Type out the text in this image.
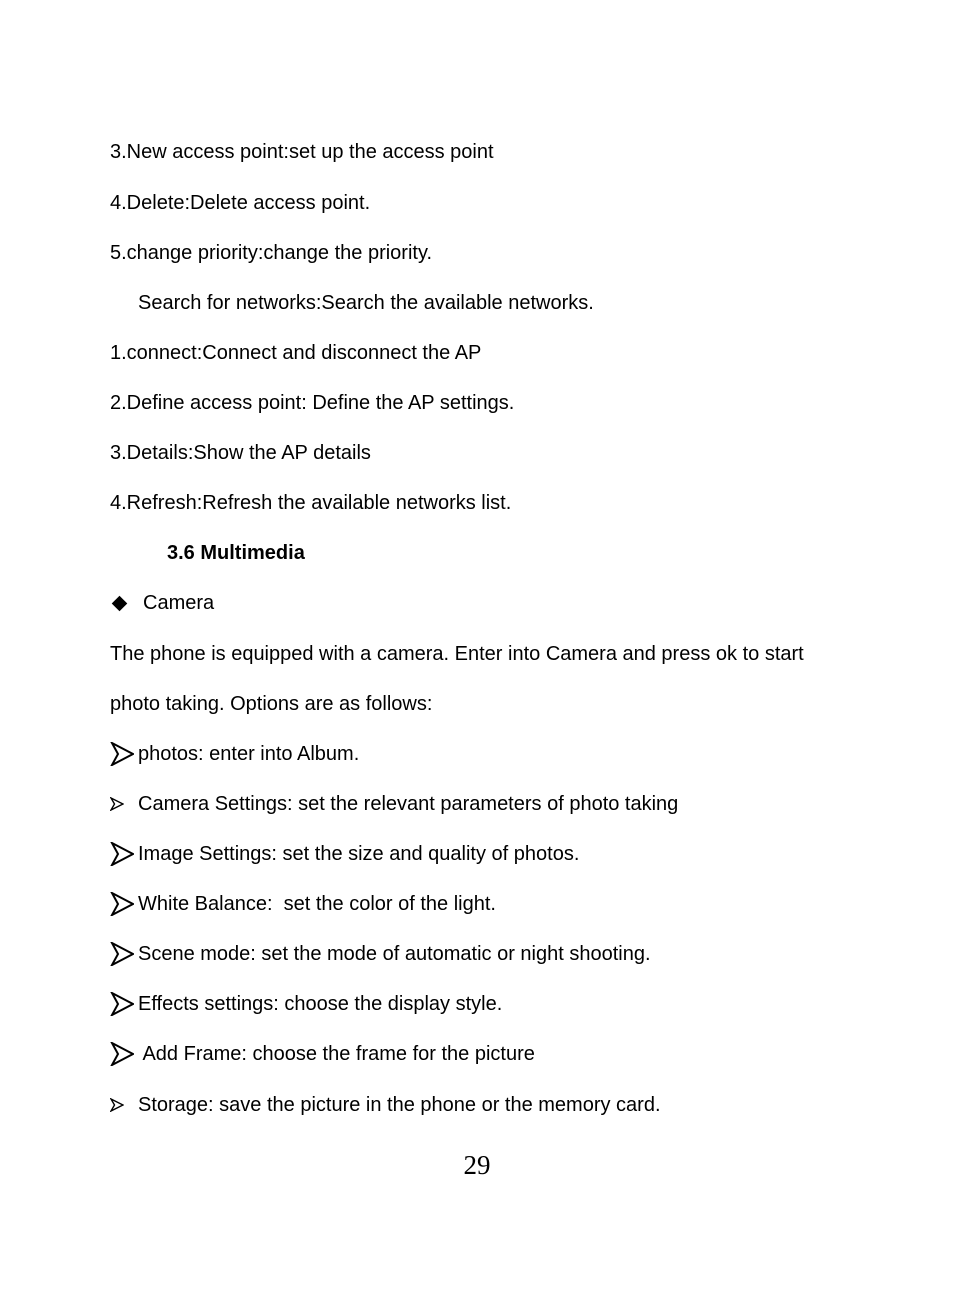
3.New access point:set up the access point
4.Delete:Delete access point.
5.change priority:change the priority.
Search for networks:Search the available networks.
1.connect:Connect and disconnect the AP
2.Define access point: Define the AP settings.
3.Details:Show the AP details
4.Refresh:Refresh the available networks list.
3.6 Multimedia
Camera
The phone is equipped with a camera. Enter into Camera and press ok to start
photo taking. Options are as follows:
photos: enter into Album.
Camera Settings: set the relevant parameters of photo taking
Image Settings: set the size and quality of photos.
White Balance:  set the color of the light.
Scene mode: set the mode of automatic or night shooting.
Effects settings: choose the display style.
Add Frame: choose the frame for the picture
Storage: save the picture in the phone or the memory card.
29
